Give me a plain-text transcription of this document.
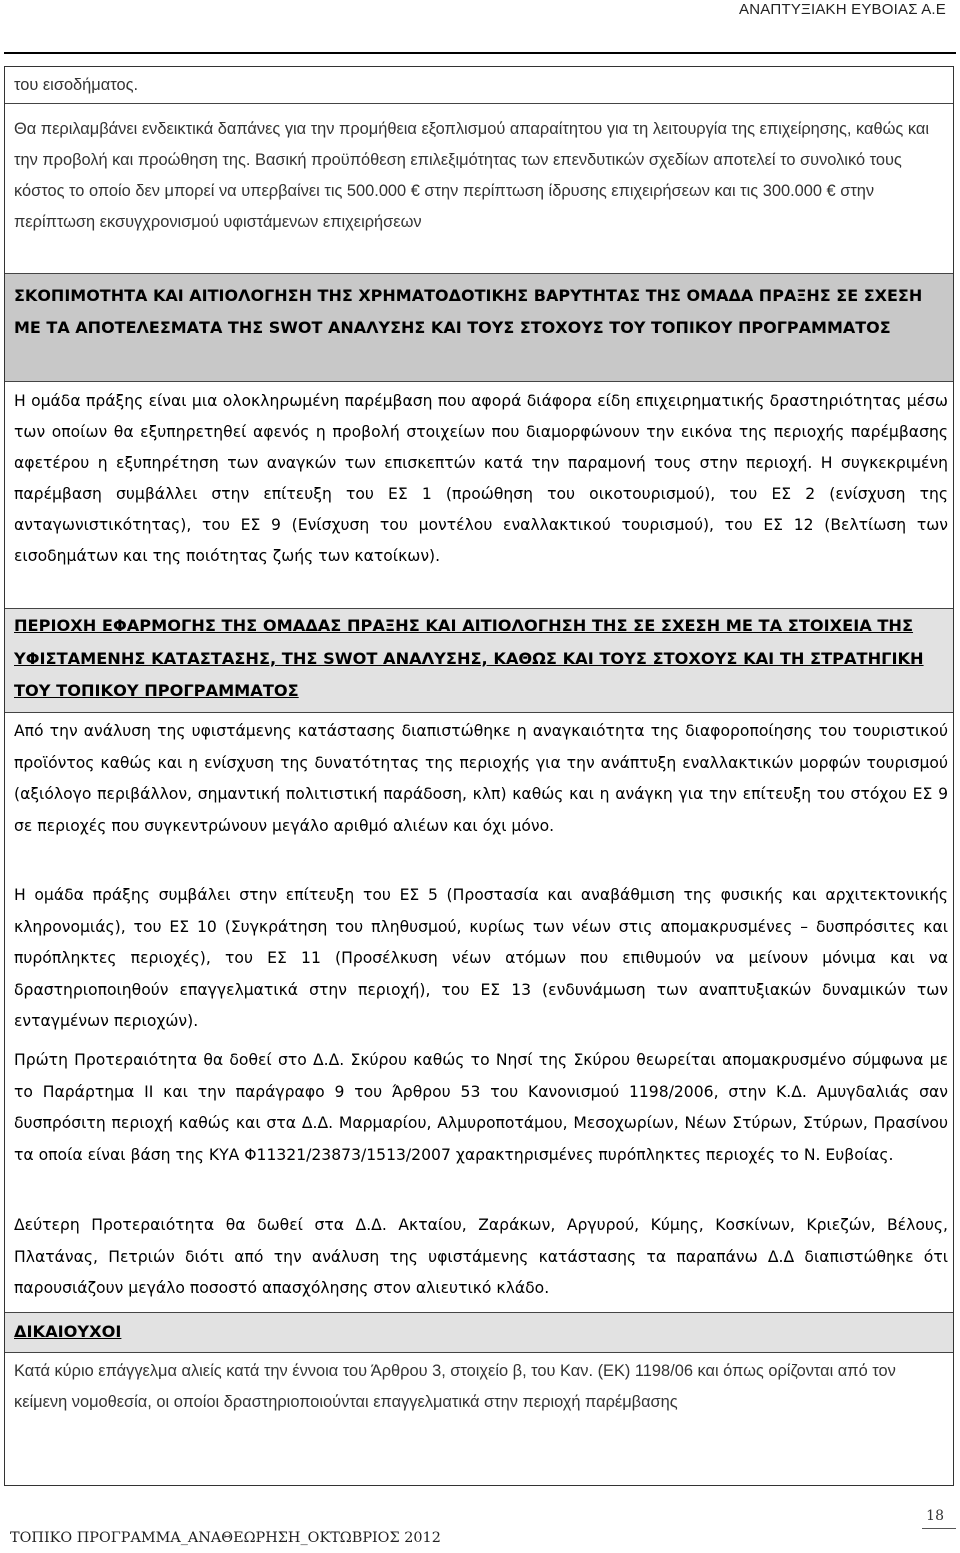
ΑΝΑΠΤΥΞΙΑΚΗ ΕΥΒΟΙΑΣ Α.Ε
του εισοδήματος.
Θα περιλαμβάνει ενδεικτικά δαπάνες για την προμήθεια εξοπλισμού απαραίτητου για τη λειτουργία της επιχείρησης, καθώς και την προβολή και προώθηση της. Βασική προϋπόθεση επιλεξιμότητας των επενδυτικών σχεδίων αποτελεί το συνολικό τους κόστος το οποίο δεν μπορεί να υπερβαίνει τις 500.000 € στην περίπτωση ίδρυσης επιχειρήσεων και τις 300.000 € στην περίπτωση εκσυγχρονισμού υφιστάμενων επιχειρήσεων
ΣΚΟΠΙΜΟΤΗΤΑ ΚΑΙ ΑΙΤΙΟΛΟΓΗΣΗ ΤΗΣ ΧΡΗΜΑΤΟΔΟΤΙΚΗΣ ΒΑΡΥΤΗΤΑΣ ΤΗΣ ΟΜΑΔΑ ΠΡΑΞΗΣ ΣΕ ΣΧΕΣΗ ΜΕ ΤΑ ΑΠΟΤΕΛΕΣΜΑΤΑ ΤΗΣ SWOT ΑΝΑΛΥΣΗΣ ΚΑΙ ΤΟΥΣ ΣΤΟΧΟΥΣ ΤΟΥ ΤΟΠΙΚΟΥ ΠΡΟΓΡΑΜΜΑΤΟΣ
Η ομάδα πράξης είναι μια ολοκληρωμένη παρέμβαση που αφορά διάφορα είδη επιχειρηματικής δραστηριότητας μέσω των οποίων θα εξυπηρετηθεί αφενός η προβολή στοιχείων που διαμορφώνουν την εικόνα της περιοχής παρέμβασης αφετέρου η εξυπηρέτηση των αναγκών των επισκεπτών κατά την παραμονή τους στην περιοχή. Η συγκεκριμένη παρέμβαση συμβάλλει στην επίτευξη του ΕΣ 1 (προώθηση του οικοτουρισμού), του ΕΣ 2 (ενίσχυση της ανταγωνιστικότητας), του ΕΣ 9 (Ενίσχυση του μοντέλου εναλλακτικού τουρισμού), του ΕΣ 12 (Βελτίωση των εισοδημάτων και της ποιότητας ζωής των κατοίκων).
ΠΕΡΙΟΧΗ ΕΦΑΡΜΟΓΗΣ ΤΗΣ ΟΜΑΔΑΣ ΠΡΑΞΗΣ ΚΑΙ ΑΙΤΙΟΛΟΓΗΣΗ ΤΗΣ ΣΕ ΣΧΕΣΗ ΜΕ ΤΑ ΣΤΟΙΧΕΙΑ ΤΗΣ ΥΦΙΣΤΑΜΕΝΗΣ ΚΑΤΑΣΤΑΣΗΣ, ΤΗΣ SWOT ΑΝΑΛΥΣΗΣ, ΚΑΘΩΣ ΚΑΙ ΤΟΥΣ ΣΤΟΧΟΥΣ ΚΑΙ ΤΗ ΣΤΡΑΤΗΓΙΚΗ ΤΟΥ ΤΟΠΙΚΟΥ ΠΡΟΓΡΑΜΜΑΤΟΣ
Από την ανάλυση της υφιστάμενης κατάστασης διαπιστώθηκε η αναγκαιότητα της διαφοροποίησης του τουριστικού προϊόντος καθώς και η ενίσχυση της δυνατότητας της περιοχής για την ανάπτυξη εναλλακτικών μορφών τουρισμού (αξιόλογο περιβάλλον, σημαντική πολιτιστική παράδοση, κλπ) καθώς και η ανάγκη για την επίτευξη του στόχου ΕΣ 9 σε περιοχές που συγκεντρώνουν μεγάλο αριθμό αλιέων και όχι μόνο.
Η ομάδα πράξης συμβάλει στην επίτευξη του ΕΣ 5 (Προστασία και αναβάθμιση της φυσικής και αρχιτεκτονικής κληρονομιάς), του ΕΣ 10 (Συγκράτηση του πληθυσμού, κυρίως των νέων στις απομακρυσμένες – δυσπρόσιτες και πυρόπληκτες περιοχές), του ΕΣ 11 (Προσέλκυση νέων ατόμων που επιθυμούν να μείνουν μόνιμα και να δραστηριοποιηθούν επαγγελματικά στην περιοχή), του ΕΣ 13 (ενδυνάμωση των αναπτυξιακών δυναμικών των ενταγμένων περιοχών).
Πρώτη Προτεραιότητα θα δοθεί στο Δ.Δ. Σκύρου καθώς το Νησί της Σκύρου θεωρείται απομακρυσμένο σύμφωνα με το Παράρτημα ΙΙ και την παράγραφο 9 του Άρθρου 53 του Κανονισμού 1198/2006, στην Κ.Δ. Αμυγδαλιάς σαν δυσπρόσιτη περιοχή καθώς και στα Δ.Δ. Μαρμαρίου, Αλμυροποτάμου, Μεσοχωρίων, Νέων Στύρων, Στύρων, Πρασίνου τα οποία είναι βάση της ΚΥΑ Φ11321/23873/1513/2007 χαρακτηρισμένες πυρόπληκτες περιοχές το Ν. Ευβοίας.
Δεύτερη Προτεραιότητα θα δωθεί στα Δ.Δ. Ακταίου, Ζαράκων, Αργυρού, Κύμης, Κοσκίνων, Κριεζών, Βέλους, Πλατάνας, Πετριών διότι από την ανάλυση της υφιστάμενης κατάστασης τα παραπάνω Δ.Δ διαπιστώθηκε ότι παρουσιάζουν μεγάλο ποσοστό απασχόλησης στον αλιευτικό κλάδο.
ΔΙΚΑΙΟΥΧΟΙ
Κατά κύριο επάγγελμα αλιείς κατά την έννοια του Άρθρου 3, στοιχείο β, του Καν. (ΕΚ) 1198/06 και όπως ορίζονται από τον κείμενη νομοθεσία, οι οποίοι δραστηριοποιούνται επαγγελματικά στην περιοχή παρέμβασης
18
ΤΟΠΙΚΟ ΠΡΟΓΡΑΜΜΑ_ΑΝΑΘΕΩΡΗΣΗ_ΟΚΤΩΒΡΙΟΣ 2012
